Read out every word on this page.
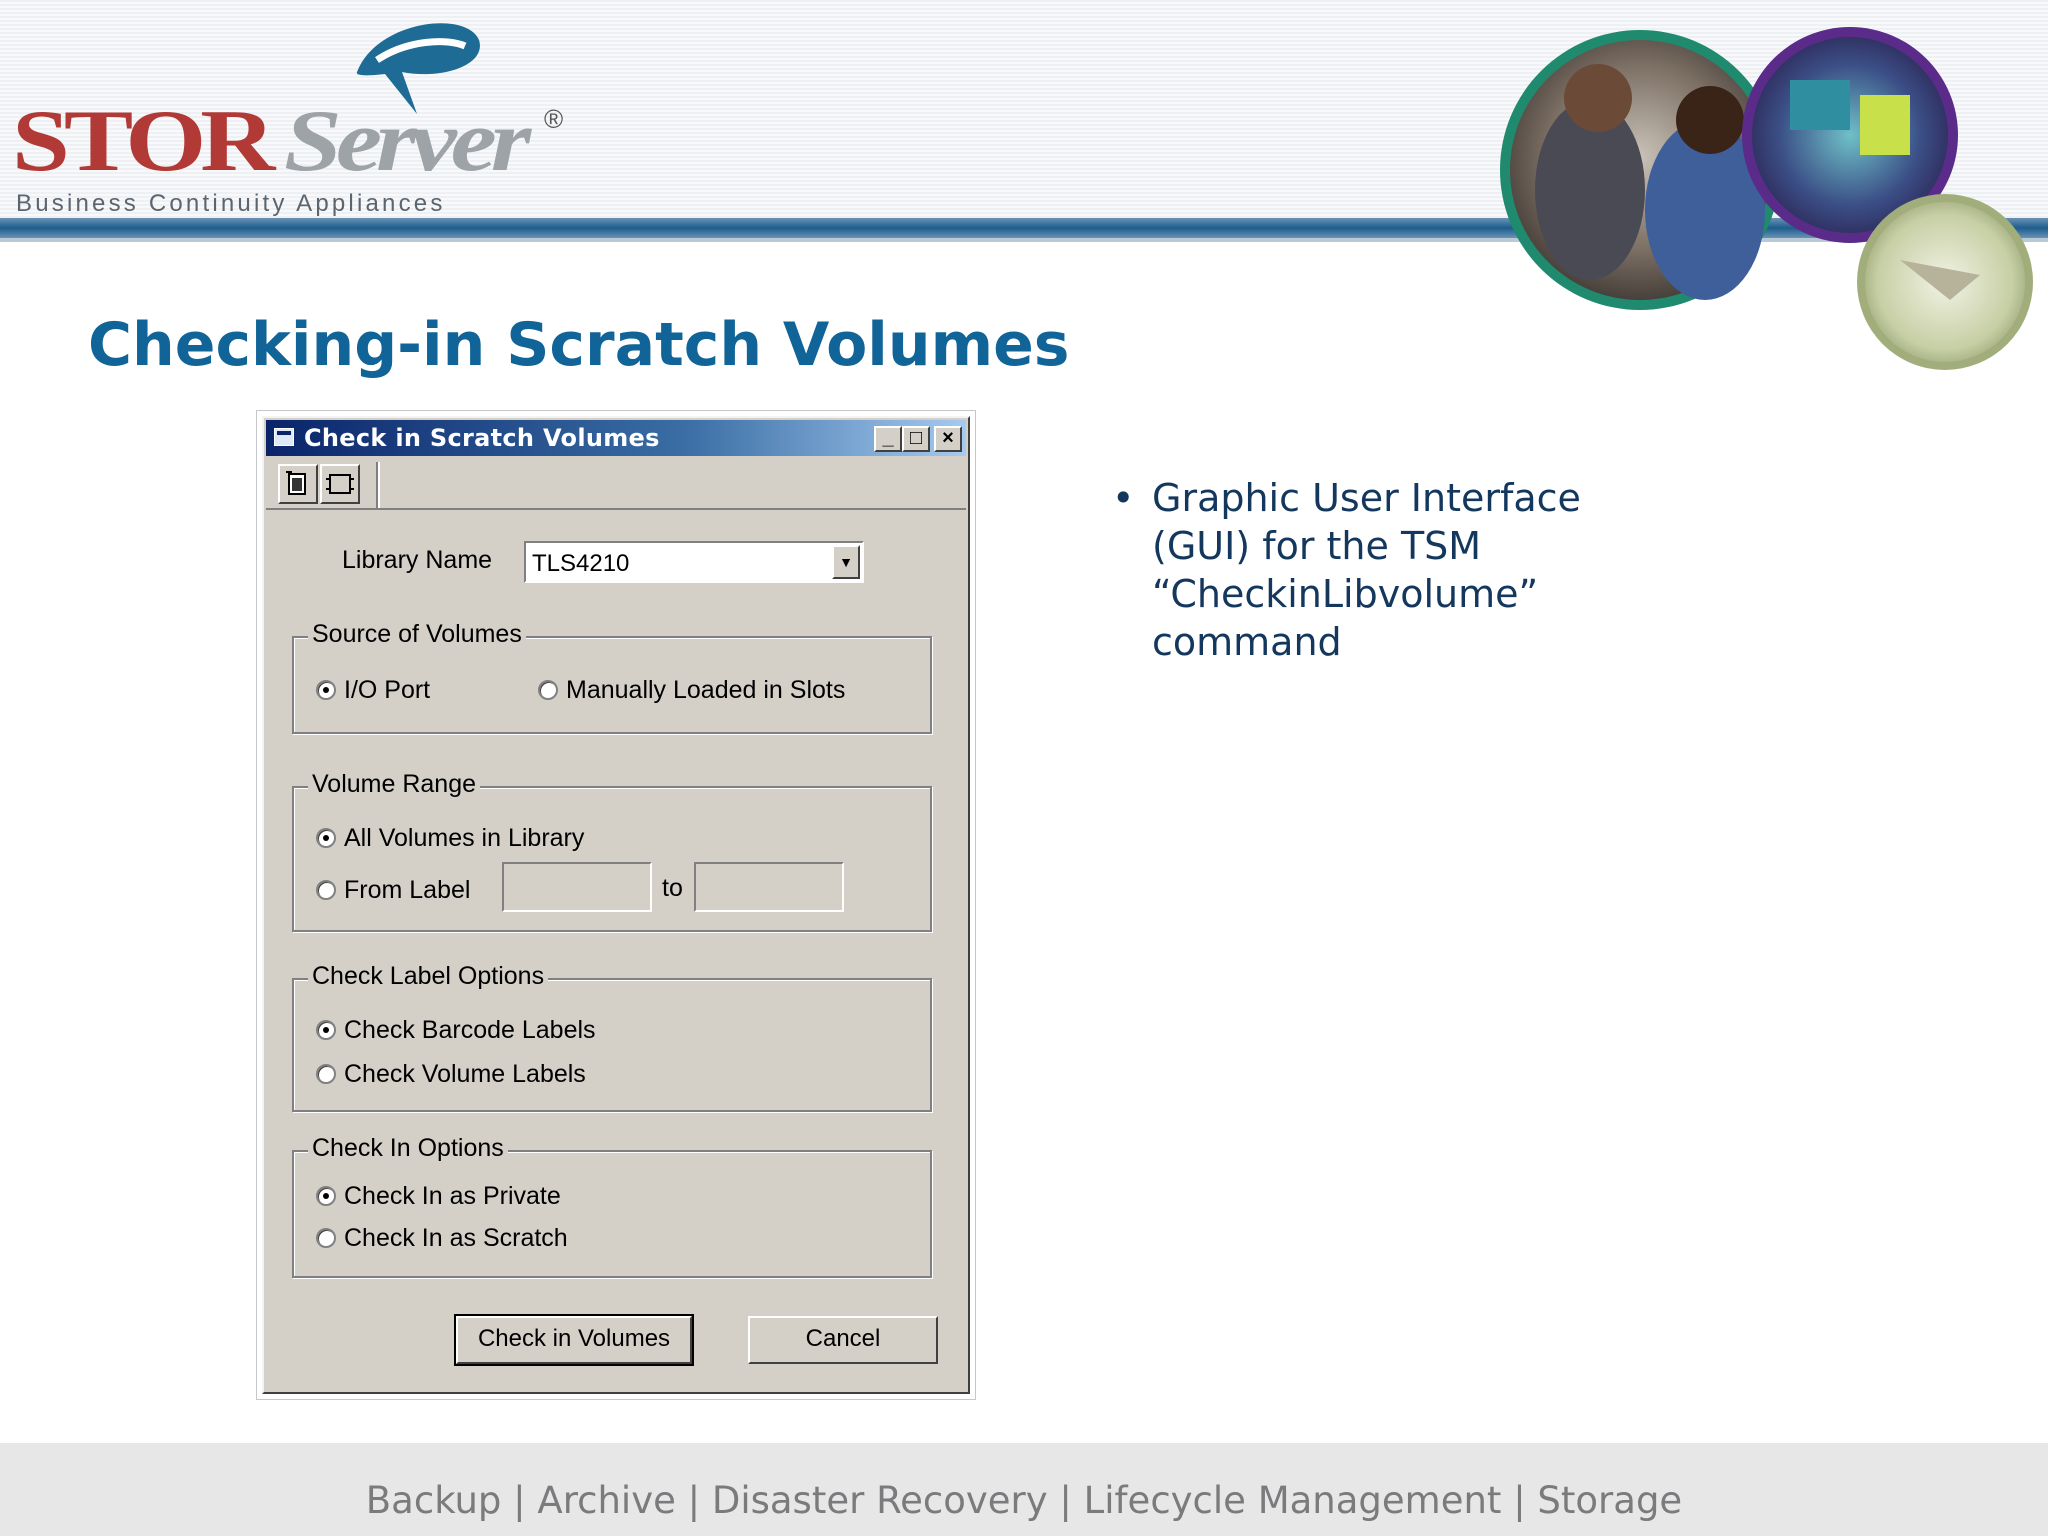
STOR Server ®
Business Continuity Appliances
Checking-in Scratch Volumes
Check in Scratch Volumes	_ □	×
Library Name TLS4210	▼
Source of Volumes
I/O Port	Manually Loaded in Slots
Volume Range
All Volumes in Library
From Label	to
Check Label Options
Check Barcode Labels
Check Volume Labels
Check In Options
Check In as Private
Check In as Scratch
Check in Volumes	Cancel
• Graphic User Interface (GUI) for the TSM “CheckinLibvolume” command
Backup | Archive | Disaster Recovery | Lifecycle Management | Storage
